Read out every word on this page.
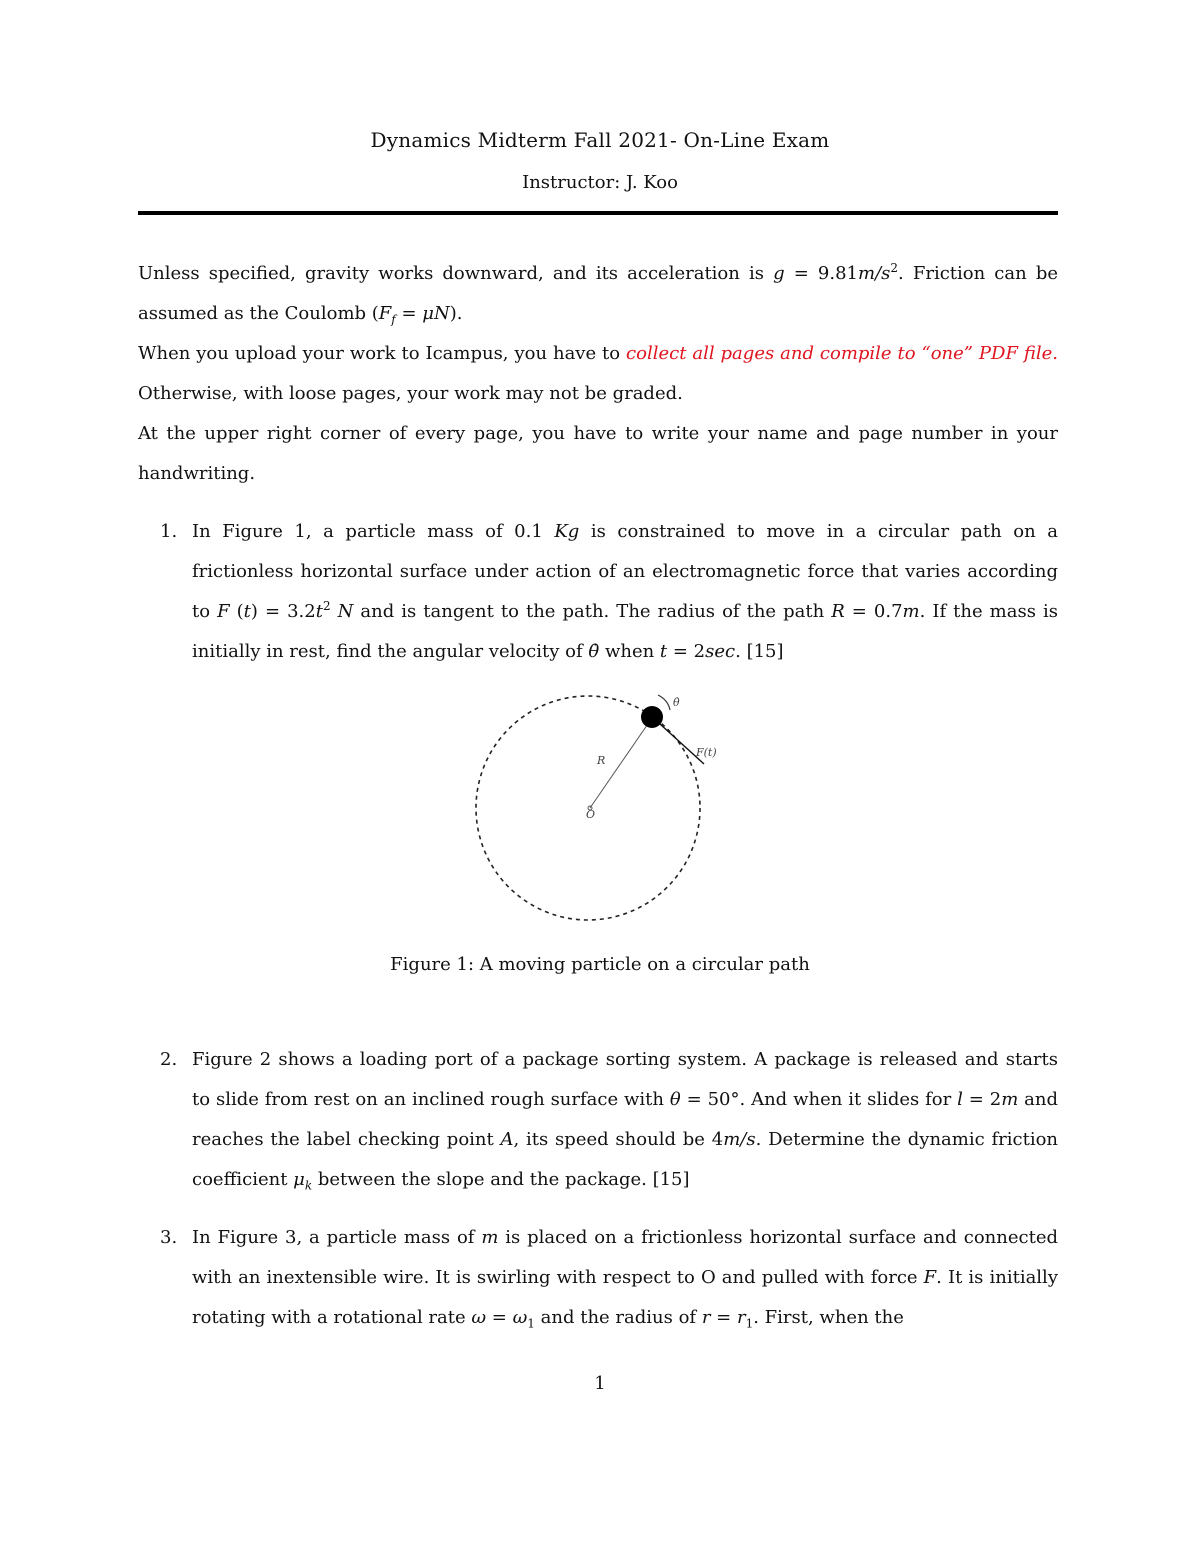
Dynamics Midterm Fall 2021- On-Line Exam
Instructor: J. Koo

Unless specified, gravity works downward, and its acceleration is $g = 9.81m/s^2$. Friction can be assumed as the Coulomb $(F_f = \mu N)$.

When you upload your work to Icampus, you have to collect all pages and compile to “one” PDF file. Otherwise, with loose pages, your work may not be graded.

At the upper right corner of every page, you have to write your name and page number in your handwriting.

1. In Figure 1, a particle mass of 0.1 Kg is constrained to move in a circular path on a frictionless horizontal surface under action of an electromagnetic force that varies according to F $(t) = 3.2t^2$ N and is tangent to the path. The radius of the path R = 0.7m. If the mass is initially in rest, find the angular velocity of θ̇ when t = 2sec. [15]
θ̇
F(t)
R
O
Figure 1: A moving particle on a circular path
2. Figure 2 shows a loading port of a package sorting system. A package is released and starts to slide from rest on an inclined rough surface with θ = 50°. And when it slides for l = 2m and reaches the label checking point A, its speed should be 4m/s. Determine the dynamic friction coefficient $\mu_k$ between the slope and the package. [15]
3. In Figure 3, a particle mass of m is placed on a frictionless horizontal surface and connected with an inextensible wire. It is swirling with respect to O and pulled with force F. It is initially rotating with a rotational rate $\omega = \omega_1$ and the radius of $r = r_1$. First, when the
1
